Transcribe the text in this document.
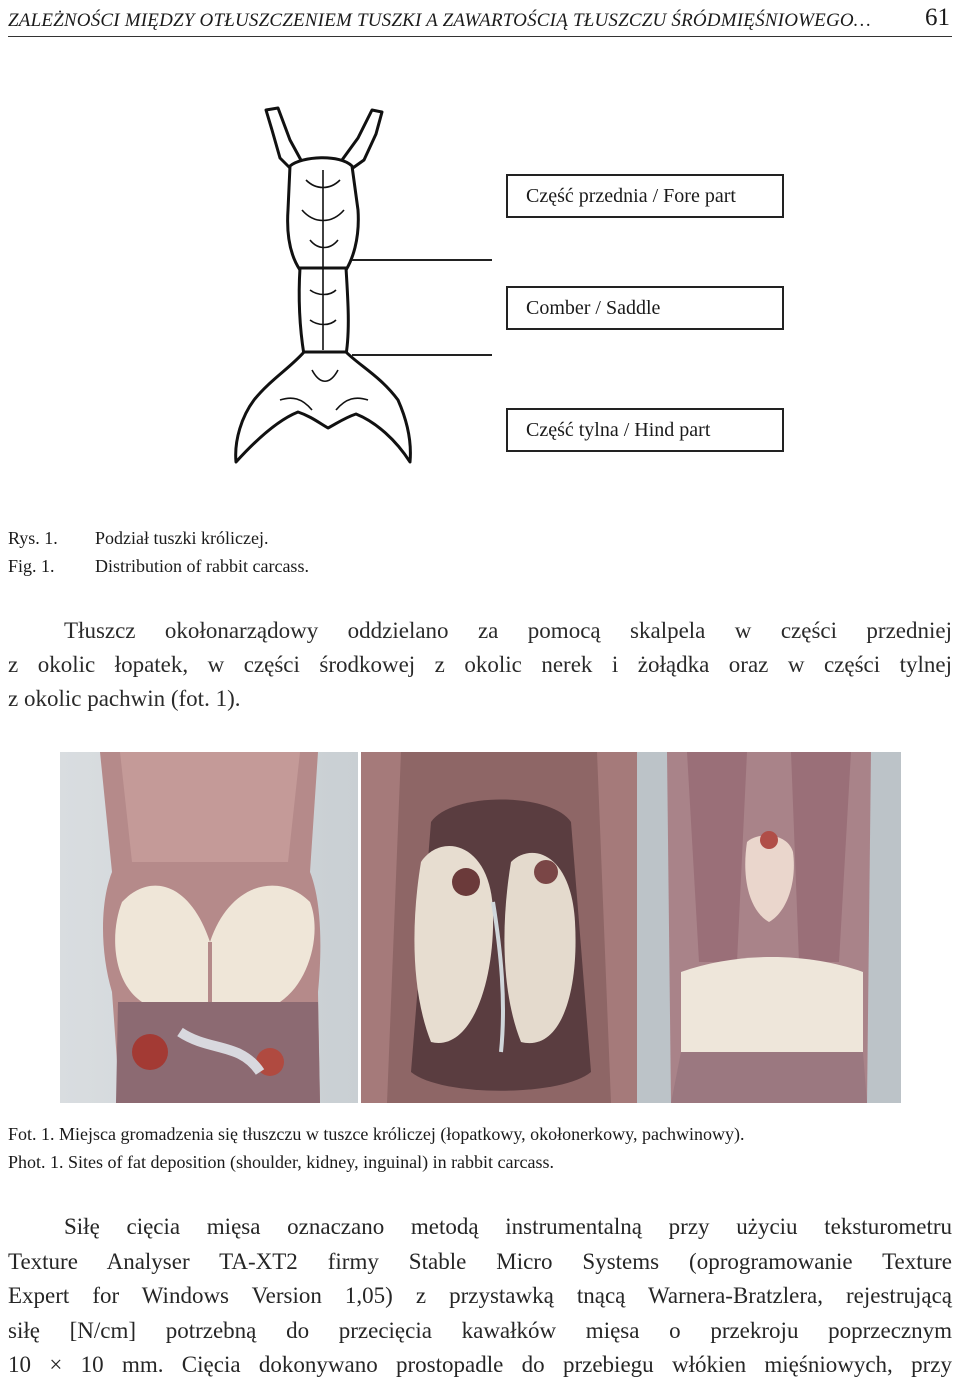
ZALEŻNOŚCI MIĘDZY OTŁUSZCZENIEM TUSZKI A ZAWARTOŚCIĄ TŁUSZCZU ŚRÓDMIĘŚNIOWEGO… 61
Część przednia / Fore part
Comber / Saddle
Część tylna / Hind part
Rys. 1. Podział tuszki króliczej.
Fig. 1. Distribution of rabbit carcass.
Tłuszcz okołonarządowy oddzielano za pomocą skalpela w części przedniej
z okolic łopatek, w części środkowej z okolic nerek i żołądka oraz w części tylnej
z okolic pachwin (fot. 1).
Fot. 1. Miejsca gromadzenia się tłuszczu w tuszce króliczej (łopatkowy, okołonerkowy, pachwinowy).
Phot. 1. Sites of fat deposition (shoulder, kidney, inguinal) in rabbit carcass.
Siłę cięcia mięsa oznaczano metodą instrumentalną przy użyciu teksturometru
Texture Analyser TA-XT2 firmy Stable Micro Systems (oprogramowanie Texture
Expert for Windows Version 1,05) z przystawką tnącą Warnera-Bratzlera, rejestrującą
siłę [N/cm] potrzebną do przecięcia kawałków mięsa o przekroju poprzecznym
10 × 10 mm. Cięcia dokonywano prostopadle do przebiegu włókien mięśniowych, przy
